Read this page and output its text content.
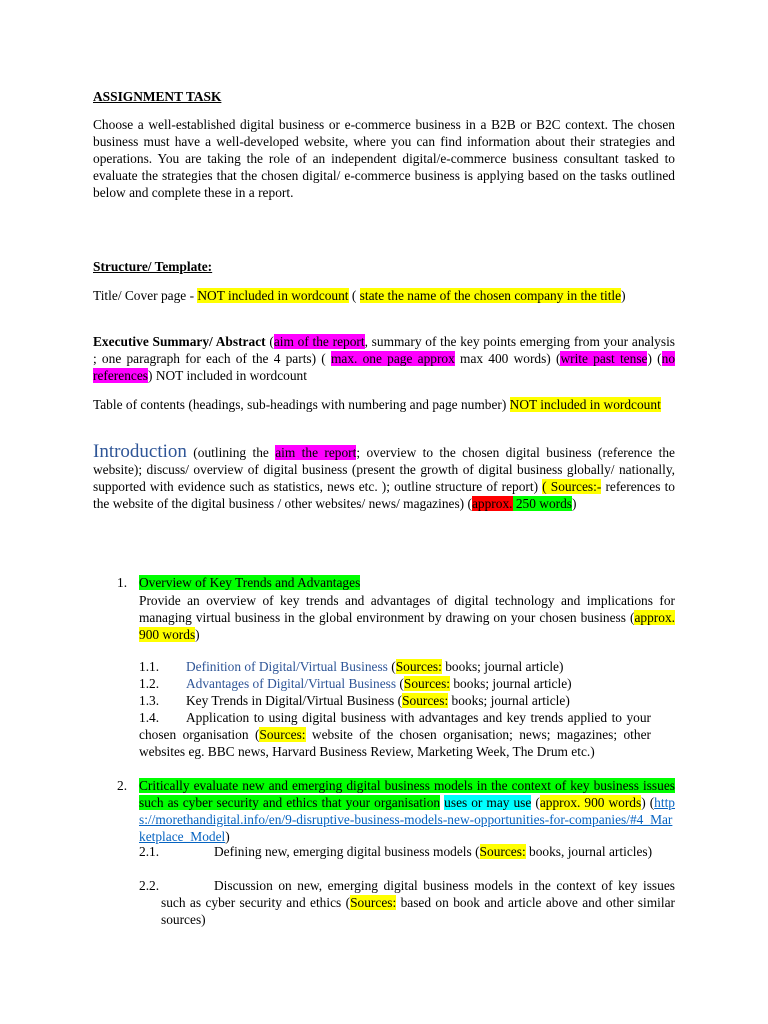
ASSIGNMENT TASK
Choose a well-established digital business or e-commerce business in a B2B or B2C context. The chosen business must have a well-developed website, where you can find information about their strategies and operations. You are taking the role of an independent digital/e-commerce business consultant tasked to evaluate the strategies that the chosen digital/ e-commerce business is applying based on the tasks outlined below and complete these in a report.
Structure/ Template:
Title/ Cover page - NOT included in wordcount ( state the name of the chosen company in the title)
Executive Summary/ Abstract (aim of the report, summary of the key points emerging from your analysis ; one paragraph for each of the 4 parts) ( max. one page approx max 400 words) (write past tense) (no references) NOT included in wordcount
Table of contents (headings, sub-headings with numbering and page number) NOT included in wordcount
Introduction (outlining the aim the report; overview to the chosen digital business (reference the website); discuss/ overview of digital business (present the growth of digital business globally/ nationally, supported with evidence such as statistics, news etc. ); outline structure of report) ( Sources:- references to the website of the digital business / other websites/ news/ magazines) (approx. 250 words)
1. Overview of Key Trends and Advantages
Provide an overview of key trends and advantages of digital technology and implications for managing virtual business in the global environment by drawing on your chosen business (approx. 900 words)
1.1. Definition of Digital/Virtual Business (Sources: books; journal article)
1.2. Advantages of Digital/Virtual Business (Sources: books; journal article)
1.3. Key Trends in Digital/Virtual Business (Sources: books; journal article)
1.4.	Application to using digital business with advantages and key trends applied to your chosen organisation (Sources: website of the chosen organisation; news; magazines; other websites eg. BBC news, Harvard Business Review, Marketing Week, The Drum etc.)
2. Critically evaluate new and emerging digital business models in the context of key business issues such as cyber security and ethics that your organisation uses or may use (approx. 900 words) (https://morethandigital.info/en/9-disruptive-business-models-new-opportunities-for-companies/#4_Marketplace_Model)
2.1.	Defining new, emerging digital business models (Sources: books, journal articles)
2.2.	Discussion on new, emerging digital business models in the context of key issues such as cyber security and ethics (Sources: based on book and article above and other similar sources)
